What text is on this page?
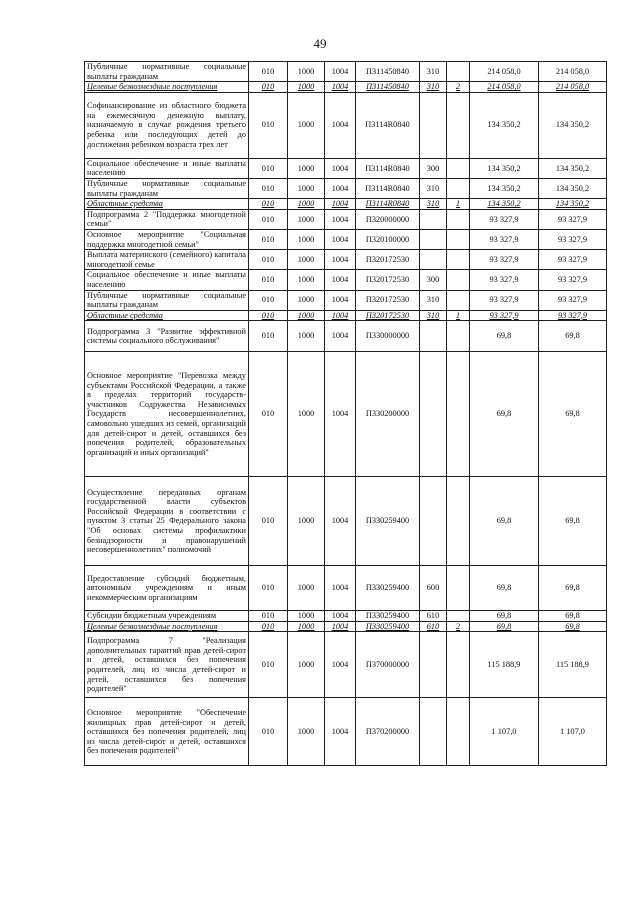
49
Публичные нормативные социальные выплаты гражданам	010	1000	1004	П311450840	310		214 058,0	214 058,0
Целевые безвозмездные поступления	010	1000	1004	П311450840	310	2	214 058,0	214 058,0
Софинансирование из областного бюджета на ежемесячную денежную выплату, назначаемую в случае рождения третьего ребенка или последующих детей до достижения ребенком возраста трех лет	010	1000	1004	П3114R0840			134 350,2	134 350,2
Социальное обеспечение и иные выплаты населению	010	1000	1004	П3114R0840	300		134 350,2	134 350,2
Публичные нормативные социальные выплаты гражданам	010	1000	1004	П3114R0840	310		134 350,2	134 350,2
Областные средства	010	1000	1004	П3114R0840	310	1	134 350,2	134 350,2
Подпрограмма 2 "Поддержка многодетной семьи"	010	1000	1004	П320000000			93 327,9	93 327,9
Основное мероприятие "Социальная поддержка многодетной семьи"	010	1000	1004	П320100000			93 327,9	93 327,9
Выплата материнского (семейного) капитала многодетной семье	010	1000	1004	П320172530			93 327,9	93 327,9
Социальное обеспечение и иные выплаты населению	010	1000	1004	П320172530	300		93 327,9	93 327,9
Публичные нормативные социальные выплаты гражданам	010	1000	1004	П320172530	310		93 327,9	93 327,9
Областные средства	010	1000	1004	П320172530	310	1	93 327,9	93 327,9
Подпрограмма 3 "Развитие эффективной системы социального обслуживания"	010	1000	1004	П330000000			69,8	69,8
Основное мероприятие "Перевозка между субъектами Российской Федерации, а также в пределах территорий государств-участников Содружества Независимых Государств несовершеннолетних, самовольно ушедших из семей, организаций для детей-сирот и детей, оставшихся без попечения родителей, образовательных организаций и иных организаций"	010	1000	1004	П330200000			69,8	69,8
Осуществление переданных органам государственной власти субъектов Российской Федерации в соответствии с пунктом 3 статьи 25 Федерального закона "Об основах системы профилактики безнадзорности и правонарушений несовершеннолетних" полномочий	010	1000	1004	П330259400			69,8	69,8
Предоставление субсидий бюджетным, автономным учреждениям и иным некоммерческим организациям	010	1000	1004	П330259400	600		69,8	69,8
Субсидии бюджетным учреждениям	010	1000	1004	П330259400	610		69,8	69,8
Целевые безвозмездные поступления	010	1000	1004	П330259400	610	2	69,8	69,8
Подпрограмма 7 "Реализация дополнительных гарантий прав детей-сирот и детей, оставшихся без попечения родителей, лиц из числа детей-сирот и детей, оставшихся без попечения родителей"	010	1000	1004	П370000000			115 188,9	115 188,9
Основное мероприятие "Обеспечение жилищных прав детей-сирот и детей, оставшихся без попечения родителей, лиц из числа детей-сирот и детей, оставшихся без попечения родителей"	010	1000	1004	П370200000			1 107,0	1 107,0
